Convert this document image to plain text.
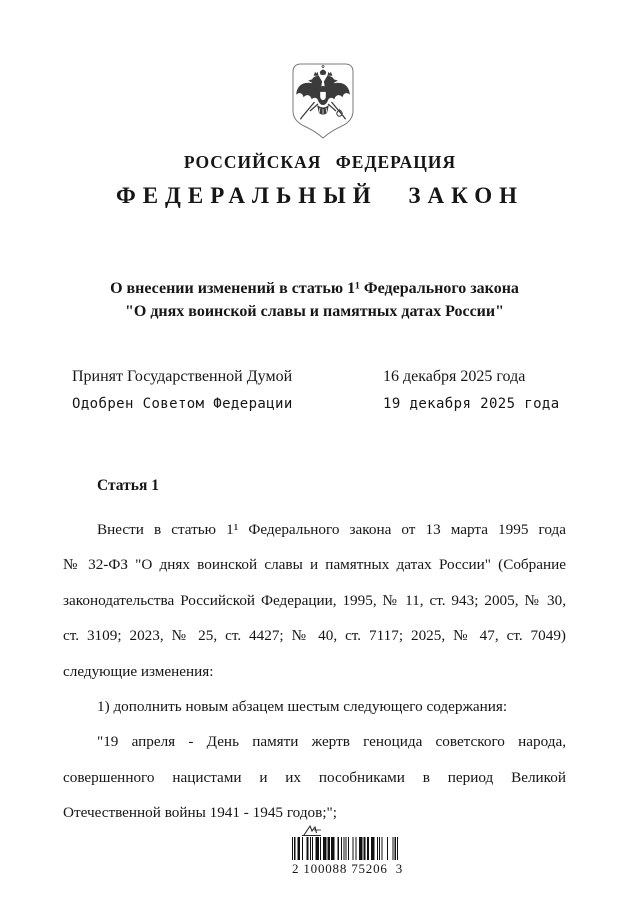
РОССИЙСКАЯ ФЕДЕРАЦИЯ
ФЕДЕРАЛЬНЫЙ ЗАКОН
О внесении изменений в статью 1¹ Федерального закона
"О днях воинской славы и памятных датах России"
Принят Государственной Думой	16 декабря 2025 года
Одобрен Советом Федерации	19 декабря 2025 года
Статья 1
Внести в статью 1¹ Федерального закона от 13 марта 1995 года
№ 32-ФЗ "О днях воинской славы и памятных датах России" (Собрание
законодательства Российской Федерации, 1995, № 11, ст. 943; 2005, № 30,
ст. 3109; 2023, № 25, ст. 4427; № 40, ст. 7117; 2025, № 47, ст. 7049)
следующие изменения:
1) дополнить новым абзацем шестым следующего содержания:
"19 апреля - День памяти жертв геноцида советского народа,
совершенного нацистами и их пособниками в период Великой
Отечественной войны 1941 - 1945 годов;";
2 100088 75206  3
